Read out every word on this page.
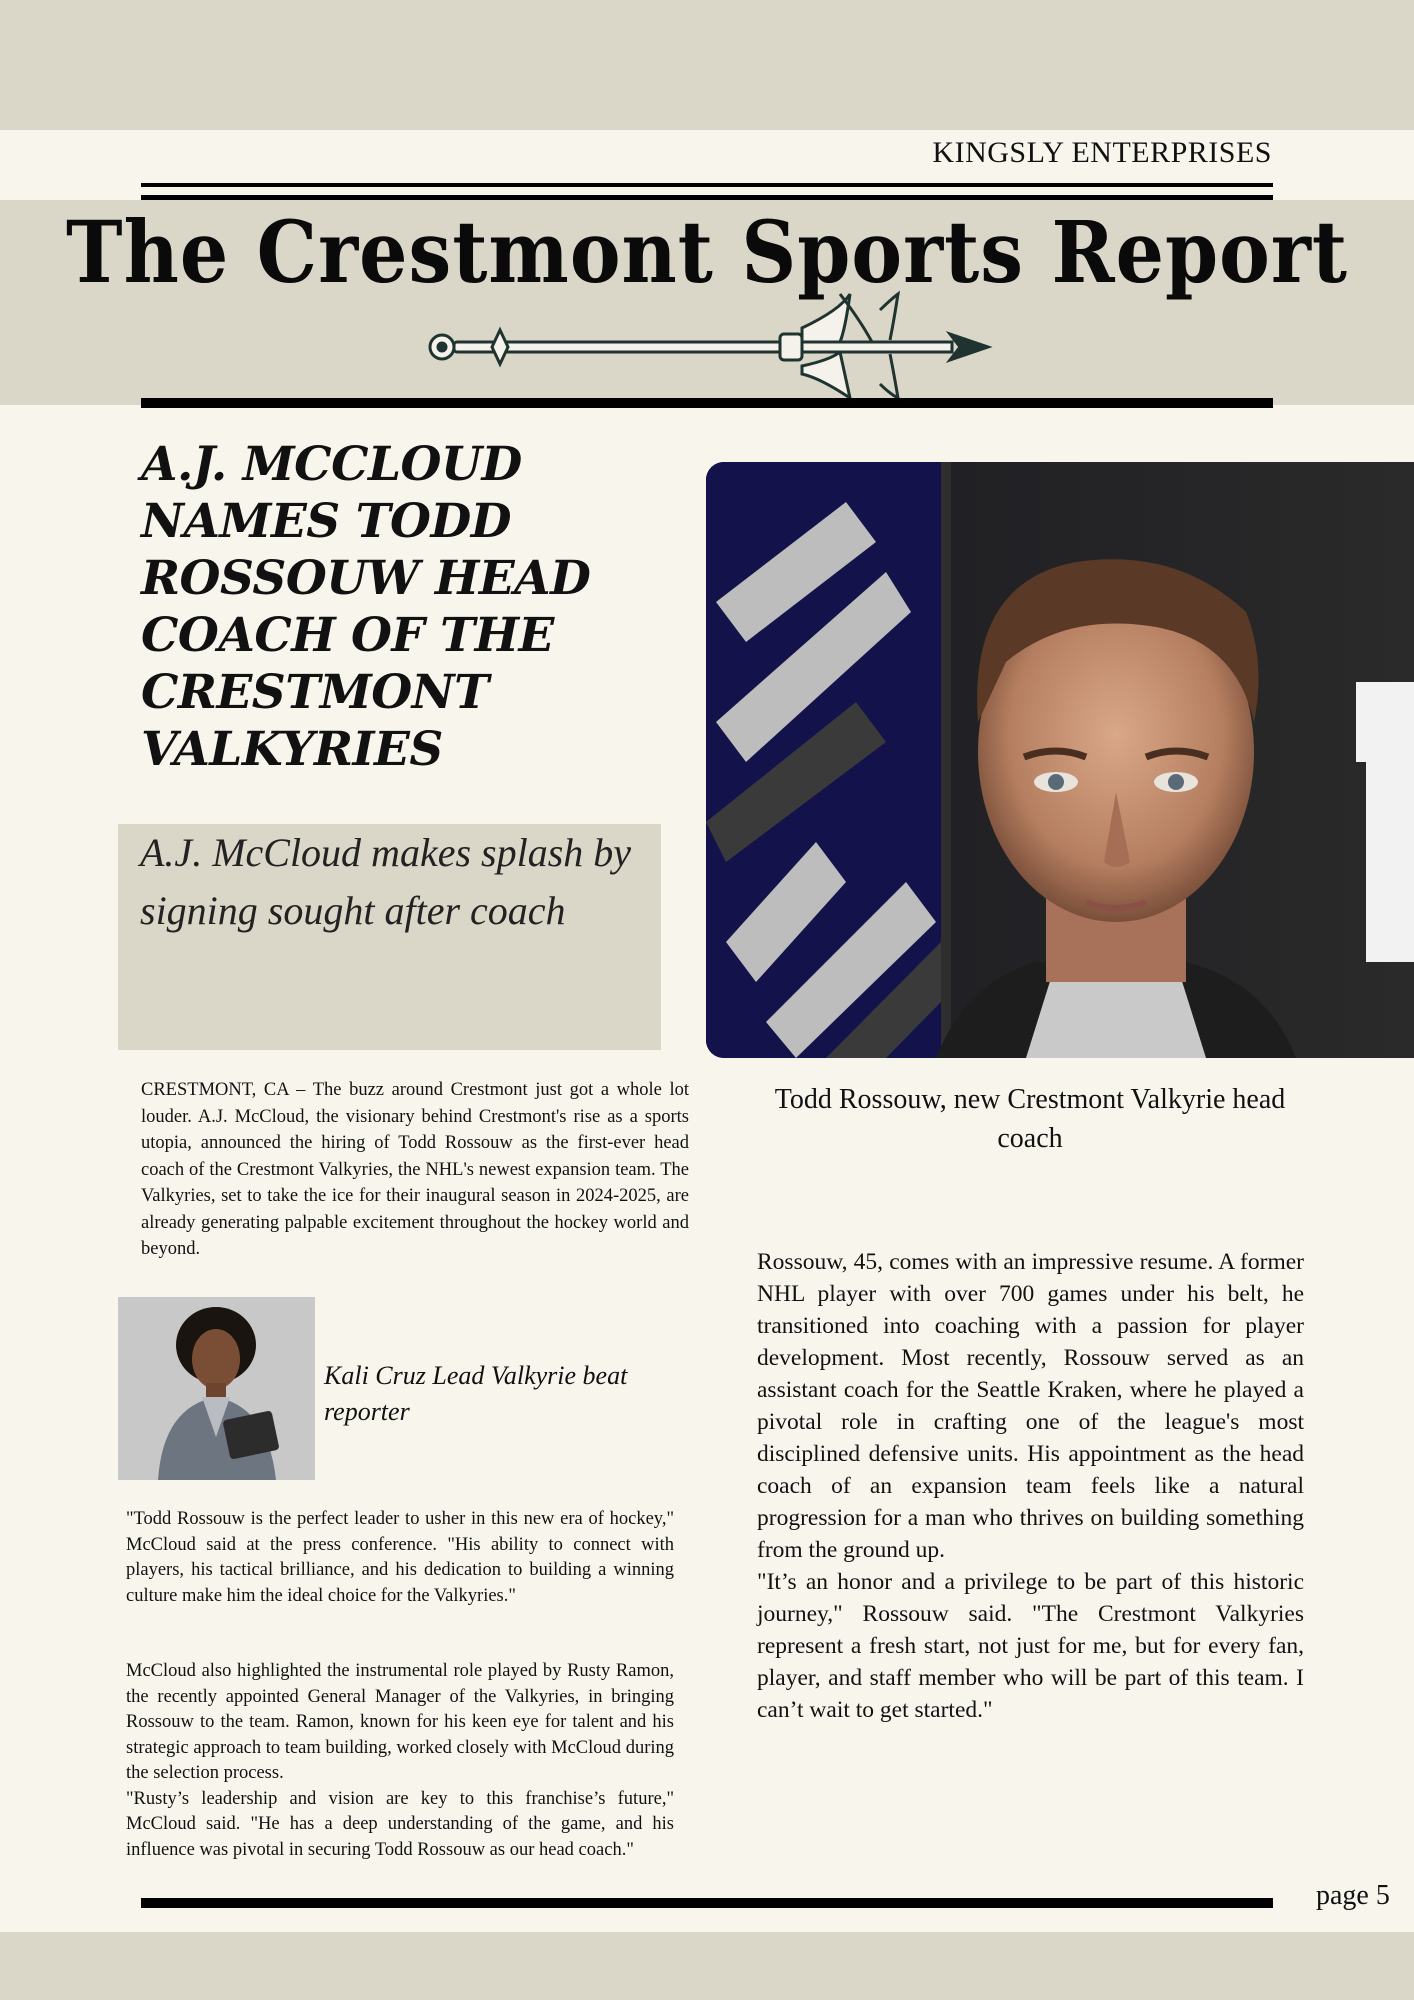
KINGSLY ENTERPRISES
The Crestmont Sports Report
A.J. MCCLOUD NAMES TODD ROSSOUW HEAD COACH OF THE CRESTMONT VALKYRIES
A.J. McCloud makes splash by signing sought after coach
Todd Rossouw, new Crestmont Valkyrie head coach
CRESTMONT, CA – The buzz around Crestmont just got a whole lot louder. A.J. McCloud, the visionary behind Crestmont's rise as a sports utopia, announced the hiring of Todd Rossouw as the first-ever head coach of the Crestmont Valkyries, the NHL's newest expansion team. The Valkyries, set to take the ice for their inaugural season in 2024-2025, are already generating palpable excitement throughout the hockey world and beyond.
Kali Cruz Lead Valkyrie beat reporter
"Todd Rossouw is the perfect leader to usher in this new era of hockey," McCloud said at the press conference. "His ability to connect with players, his tactical brilliance, and his dedication to building a winning culture make him the ideal choice for the Valkyries."
McCloud also highlighted the instrumental role played by Rusty Ramon, the recently appointed General Manager of the Valkyries, in bringing Rossouw to the team. Ramon, known for his keen eye for talent and his strategic approach to team building, worked closely with McCloud during the selection process.
"Rusty’s leadership and vision are key to this franchise’s future," McCloud said. "He has a deep understanding of the game, and his influence was pivotal in securing Todd Rossouw as our head coach."
Rossouw, 45, comes with an impressive resume. A former NHL player with over 700 games under his belt, he transitioned into coaching with a passion for player development. Most recently, Rossouw served as an assistant coach for the Seattle Kraken, where he played a pivotal role in crafting one of the league's most disciplined defensive units. His appointment as the head coach of an expansion team feels like a natural progression for a man who thrives on building something from the ground up.
"It’s an honor and a privilege to be part of this historic journey," Rossouw said. "The Crestmont Valkyries represent a fresh start, not just for me, but for every fan, player, and staff member who will be part of this team. I can’t wait to get started."
page 5
